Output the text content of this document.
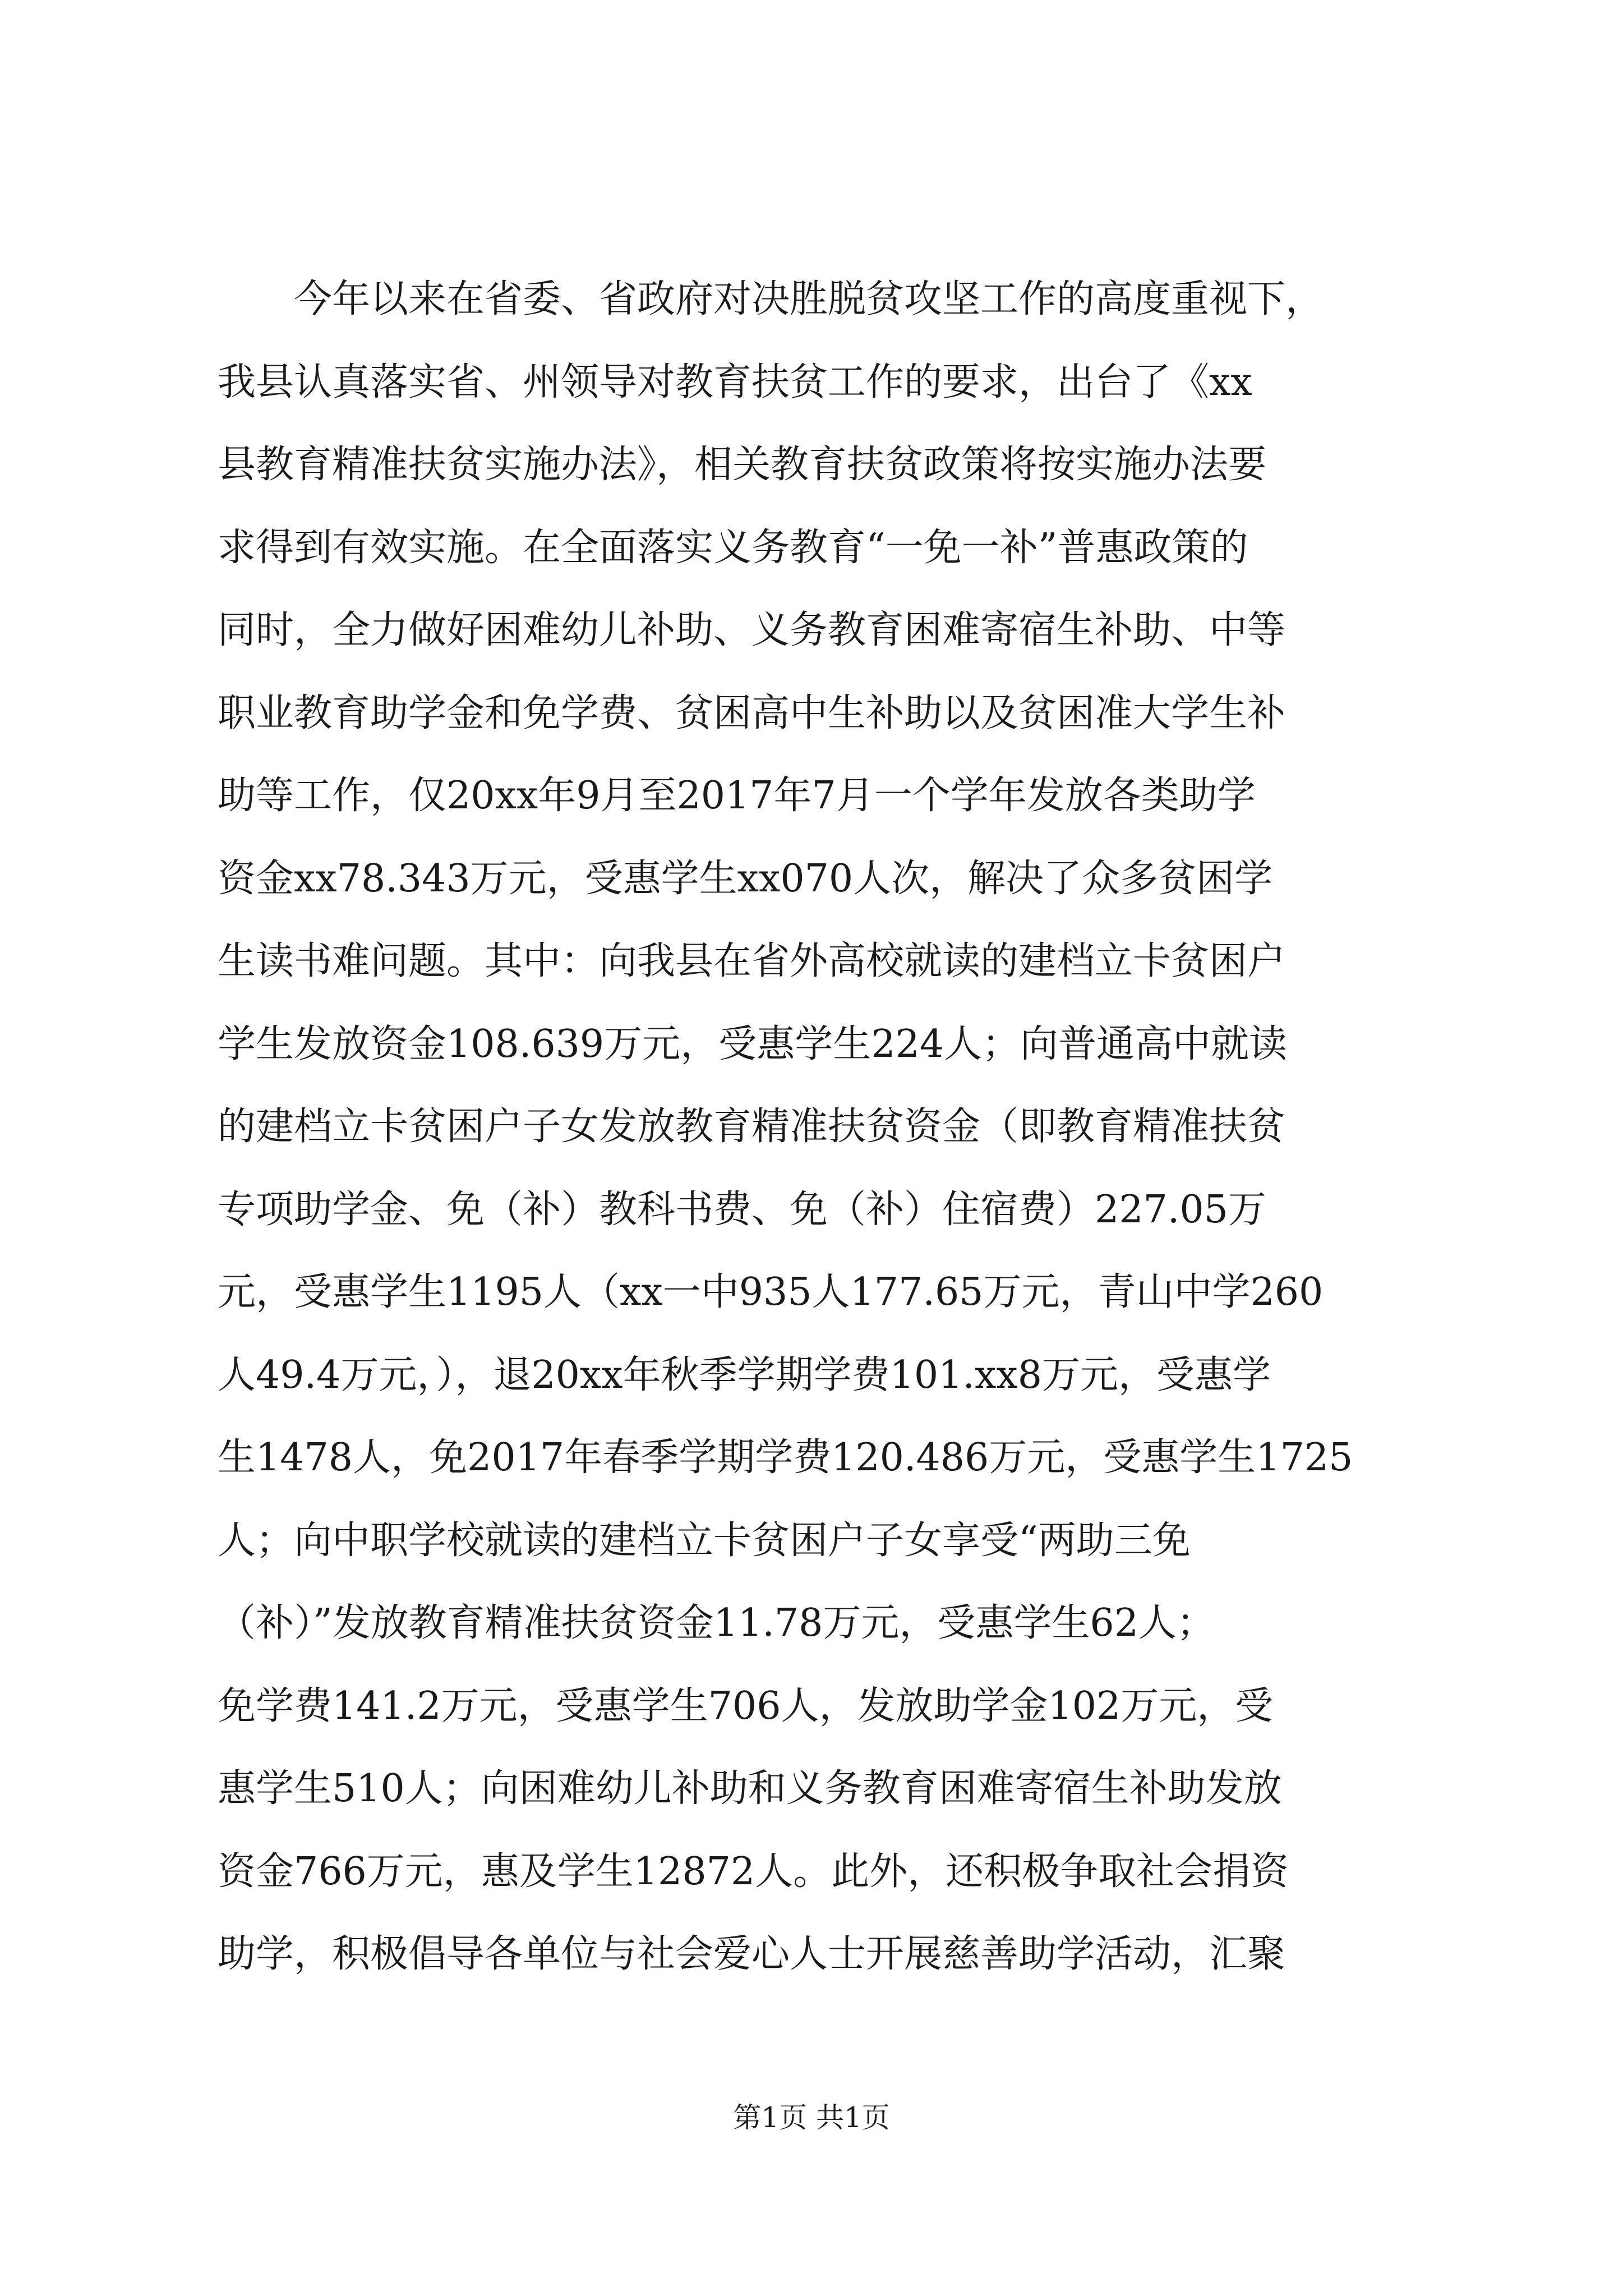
今年以来在省委、省政府对决胜脱贫攻坚工作的高度重视下，
我县认真落实省、州领导对教育扶贫工作的要求，出台了《xx
县教育精准扶贫实施办法》，相关教育扶贫政策将按实施办法要
求得到有效实施。在全面落实义务教育“一免一补”普惠政策的
同时，全力做好困难幼儿补助、义务教育困难寄宿生补助、中等
职业教育助学金和免学费、贫困高中生补助以及贫困准大学生补
助等工作，仅20xx年9月至2017年7月一个学年发放各类助学
资金xx78.343万元，受惠学生xx070人次，解决了众多贫困学
生读书难问题。其中：向我县在省外高校就读的建档立卡贫困户
学生发放资金108.639万元，受惠学生224人；向普通高中就读
的建档立卡贫困户子女发放教育精准扶贫资金（即教育精准扶贫
专项助学金、免（补）教科书费、免（补）住宿费）227.05万
元，受惠学生1195人（xx一中935人177.65万元，青山中学260
人49.4万元，），退20xx年秋季学期学费101.xx8万元，受惠学
生1478人，免2017年春季学期学费120.486万元，受惠学生1725
人；向中职学校就读的建档立卡贫困户子女享受“两助三免
（补）”发放教育精准扶贫资金11.78万元，受惠学生62人；
免学费141.2万元，受惠学生706人，发放助学金102万元，受
惠学生510人；向困难幼儿补助和义务教育困难寄宿生补助发放
资金766万元，惠及学生12872人。此外，还积极争取社会捐资
助学，积极倡导各单位与社会爱心人士开展慈善助学活动，汇聚
第1页 共1页
